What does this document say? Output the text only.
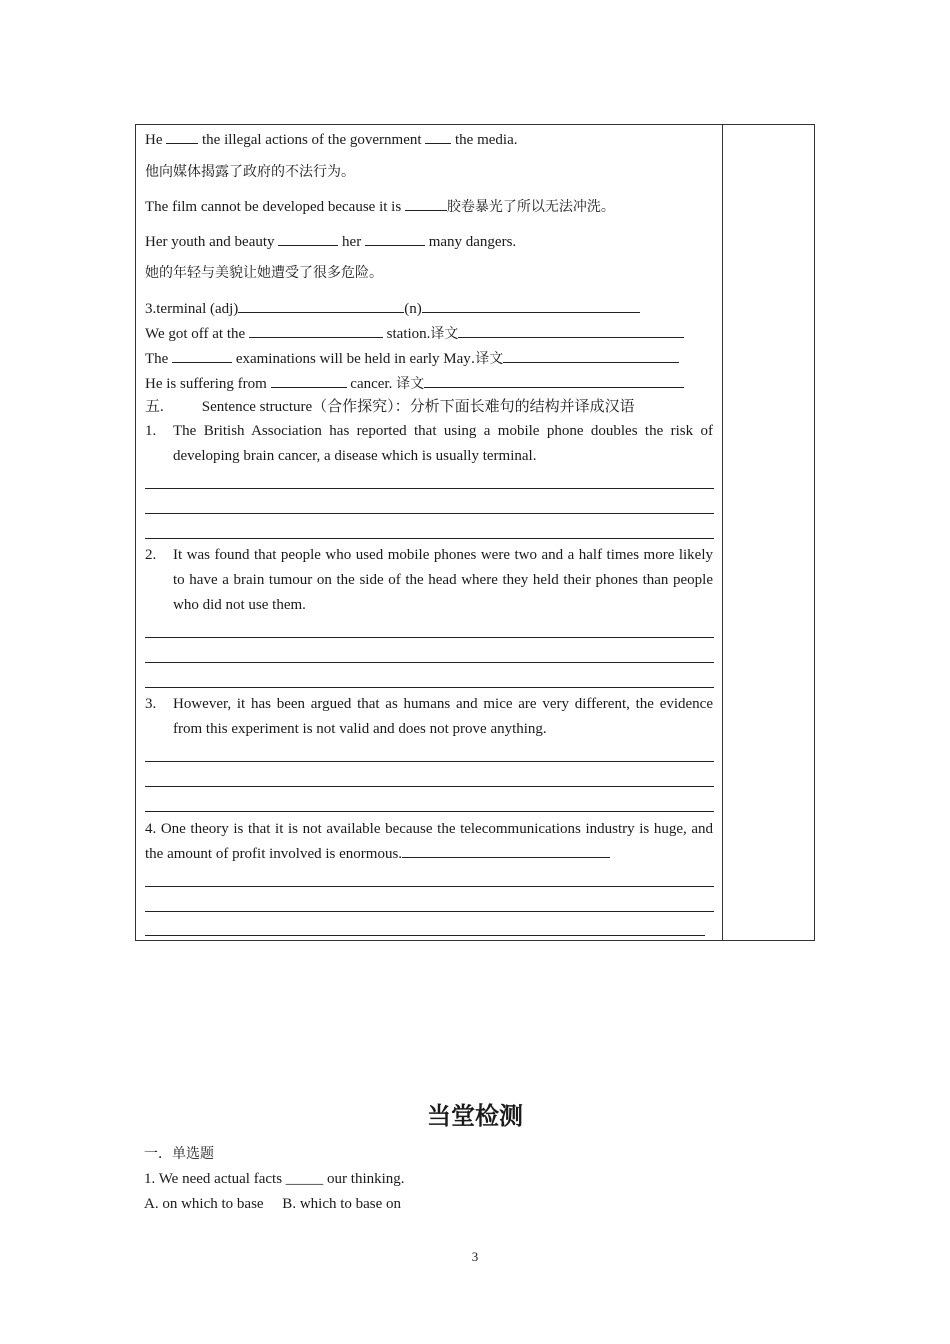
He  the illegal actions of the government  the media.
他向媒体揭露了政府的不法行为。
The film cannot be developed because it is	胶卷暴光了所以无法冲洗。
Her youth and beauty	her	many dangers.
她的年轻与美貌让她遭受了很多危险。
3.terminal (adj)	(n)
We got off at the	station.译文
The	examinations will be held in early May.译文
He is suffering from	cancer. 译文
五.	Sentence structure（合作探究）：分析下面长难句的结构并译成汉语
1. The British Association has reported that using a mobile phone doubles the risk of developing brain cancer, a disease which is usually terminal.
2. It was found that people who used mobile phones were two and a half times more likely to have a brain tumour on the side of the head where they held their phones than people who did not use them.
3. However, it has been argued that as humans and mice are very different, the evidence from this experiment is not valid and does not prove anything.
4. One theory is that it is not available because the telecommunications industry is huge, and the amount of profit involved is enormous.
当堂检测
一．单选题
1. We need actual facts _____ our thinking.
A. on which to base     B. which to base on
3
